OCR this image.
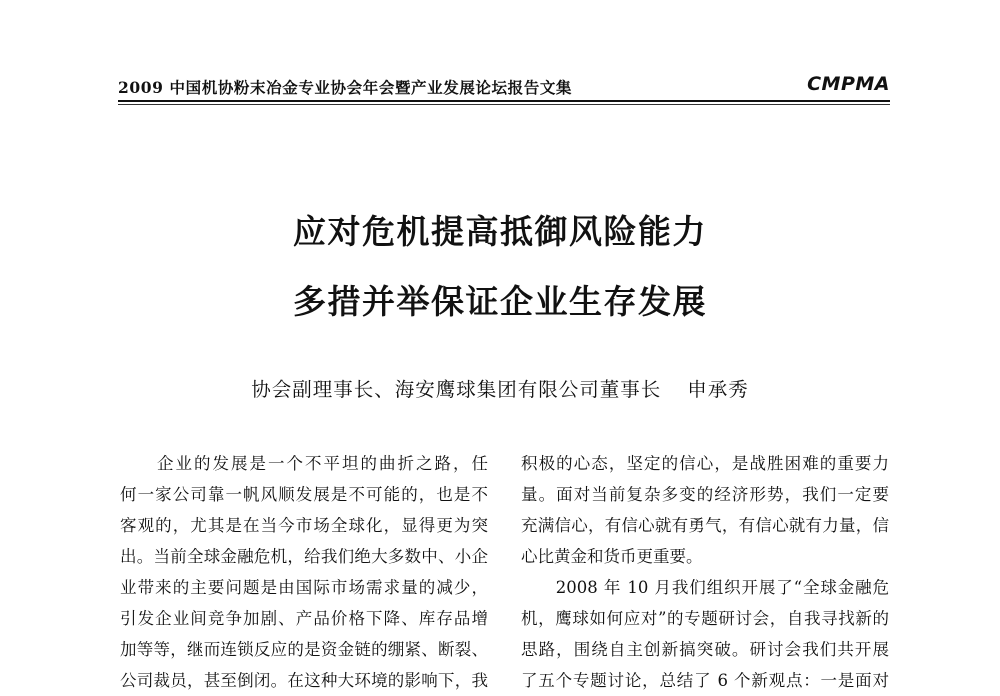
2009 中国机协粉末冶金专业协会年会暨产业发展论坛报告文集	CMPMA
应对危机提高抵御风险能力
多措并举保证企业生存发展
协会副理事长、海安鹰球集团有限公司董事长 申承秀
　　企业的发展是一个不平坦的曲折之路，任
何一家公司靠一帆风顺发展是不可能的，也是不
客观的，尤其是在当今市场全球化，显得更为突
出。当前全球金融危机，给我们绝大多数中、小企
业带来的主要问题是由国际市场需求量的减少，
引发企业间竞争加剧、产品价格下降、库存品增
加等等，继而连锁反应的是资金链的绷紧、断裂、
公司裁员，甚至倒闭。在这种大环境的影响下，我
积极的心态，坚定的信心，是战胜困难的重要力
量。面对当前复杂多变的经济形势，我们一定要
充满信心，有信心就有勇气，有信心就有力量，信
心比黄金和货币更重要。
　　2008 年 10 月我们组织开展了“全球金融危
机，鹰球如何应对”的专题研讨会，自我寻找新的
思路，围绕自主创新搞突破。研讨会我们共开展
了五个专题讨论，总结了 6 个新观点：一是面对
